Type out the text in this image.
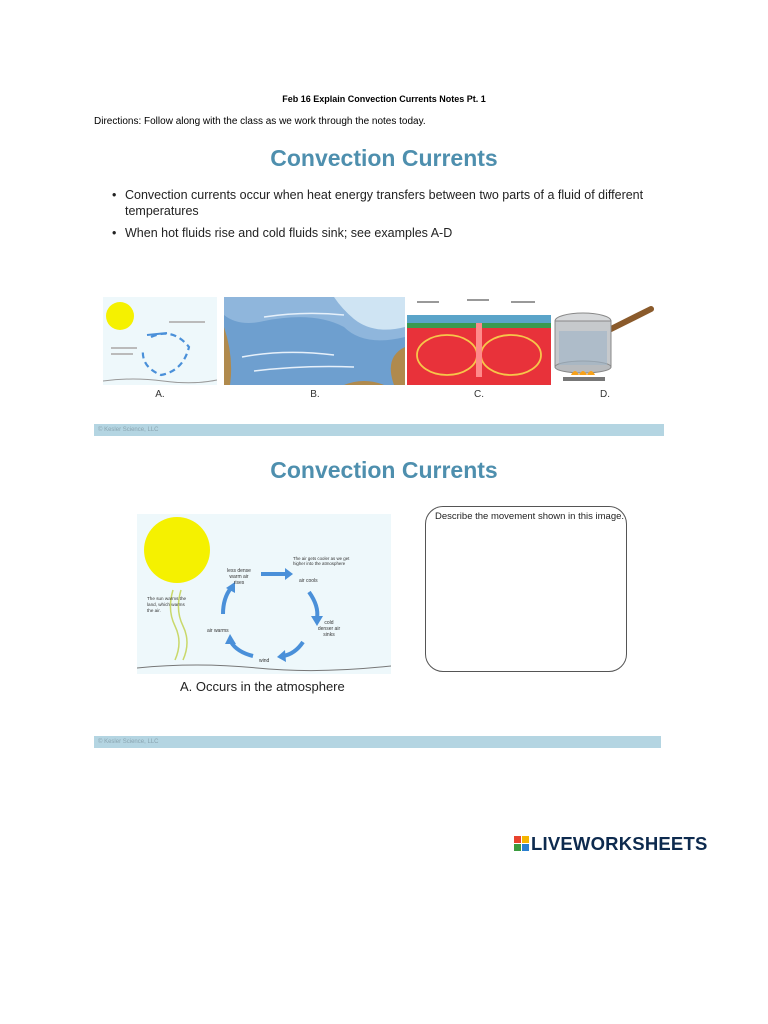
Feb 16 Explain Convection Currents Notes Pt. 1
Directions: Follow along with the class as we work through the notes today.
Convection Currents
• Convection currents occur when heat energy transfers between two parts of a fluid of different temperatures
• When hot fluids rise and cold fluids sink; see examples A-D
A.	B.	C.	D.
© Kesler Science, LLC
Convection Currents
less dense warm air rises
The air gets cooler as we get higher into the atmosphere
air cools
cold denser air sinks
wind
air warms
The sun warms the land, which warms the air.
A. Occurs in the atmosphere
Describe the movement shown in this image.
© Kesler Science, LLC
LIVEWORKSHEETS
